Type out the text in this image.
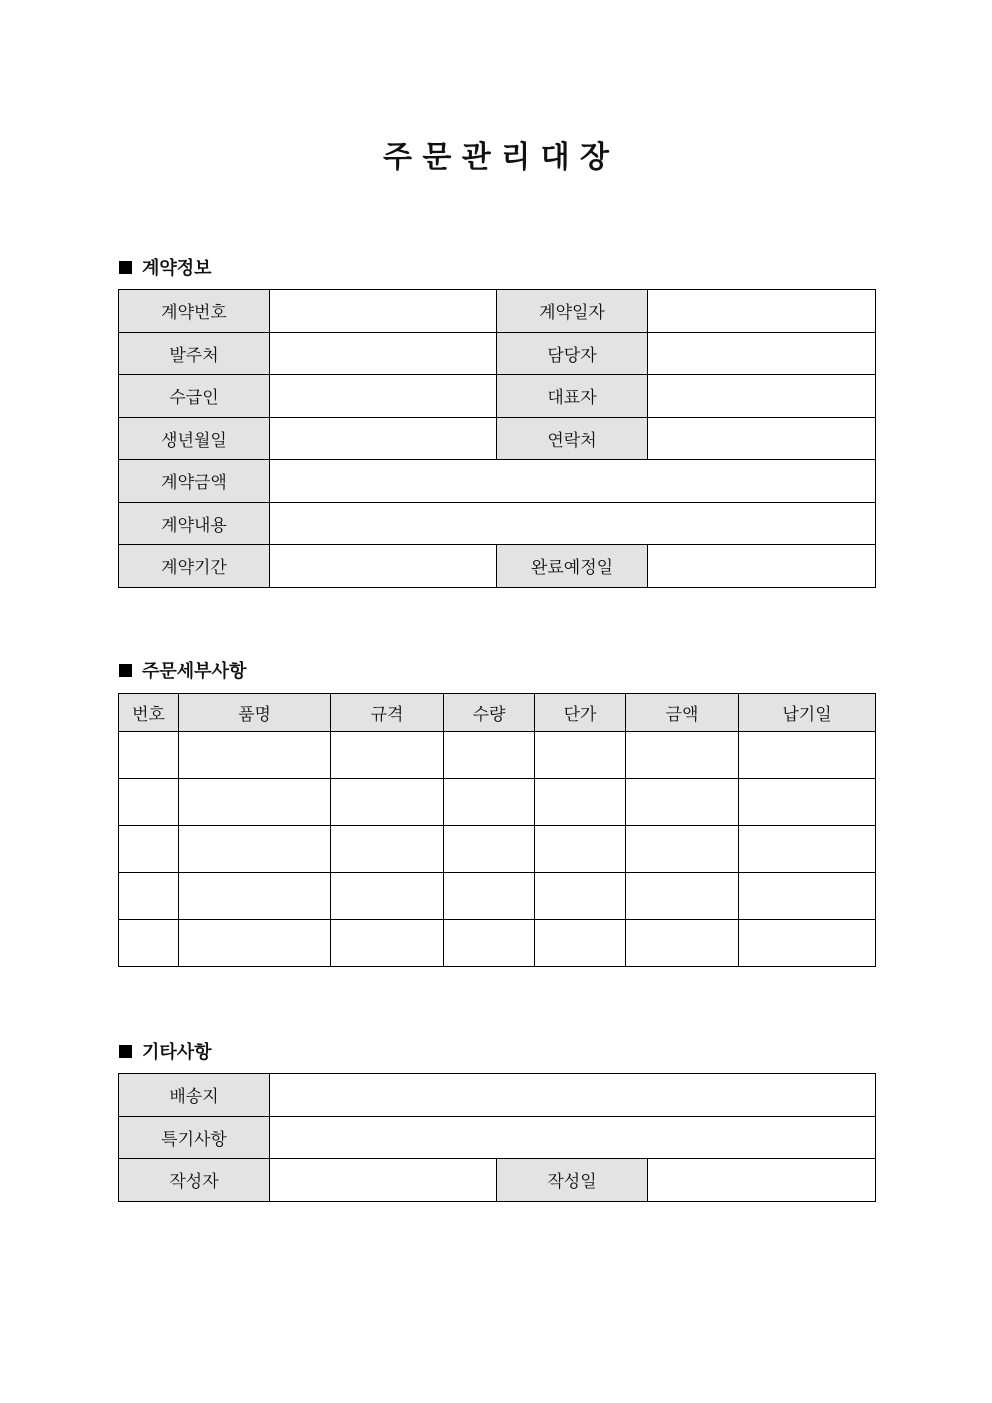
주 문 관 리 대 장
계약정보
계약번호		계약일자	
발주처		담당자	
수급인		대표자	
생년월일		연락처	
계약금액			
계약내용			
계약기간		완료예정일	
주문세부사항
번호	품명	규격	수량	단가	금액	납기일

기타사항
배송지			
특기사항			
작성자		작성일	
